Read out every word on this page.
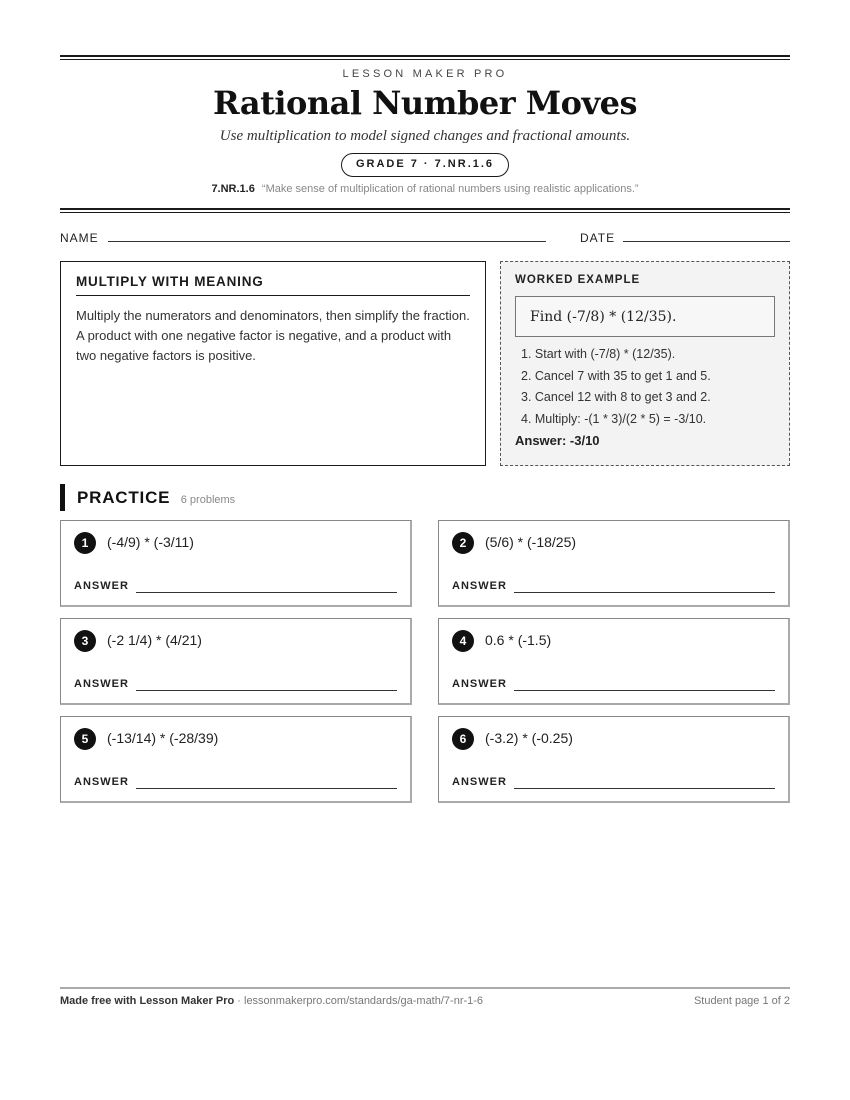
LESSON MAKER PRO
Rational Number Moves
Use multiplication to model signed changes and fractional amounts.
GRADE 7 · 7.NR.1.6
7.NR.1.6 “Make sense of multiplication of rational numbers using realistic applications.”
NAME	DATE
MULTIPLY WITH MEANING
Multiply the numerators and denominators, then simplify the fraction. A product with one negative factor is negative, and a product with two negative factors is positive.
WORKED EXAMPLE
Find (-7/8) * (12/35).
1. Start with (-7/8) * (12/35).
2. Cancel 7 with 35 to get 1 and 5.
3. Cancel 12 with 8 to get 3 and 2.
4. Multiply: -(1 * 3)/(2 * 5) = -3/10.
Answer: -3/10
PRACTICE 6 problems
1	(-4/9) * (-3/11)
ANSWER
2	(5/6) * (-18/25)
ANSWER
3	(-2 1/4) * (4/21)
ANSWER
4	0.6 * (-1.5)
ANSWER
5	(-13/14) * (-28/39)
ANSWER
6	(-3.2) * (-0.25)
ANSWER
Made free with Lesson Maker Pro · lessonmakerpro.com/standards/ga-math/7-nr-1-6	Student page 1 of 2
